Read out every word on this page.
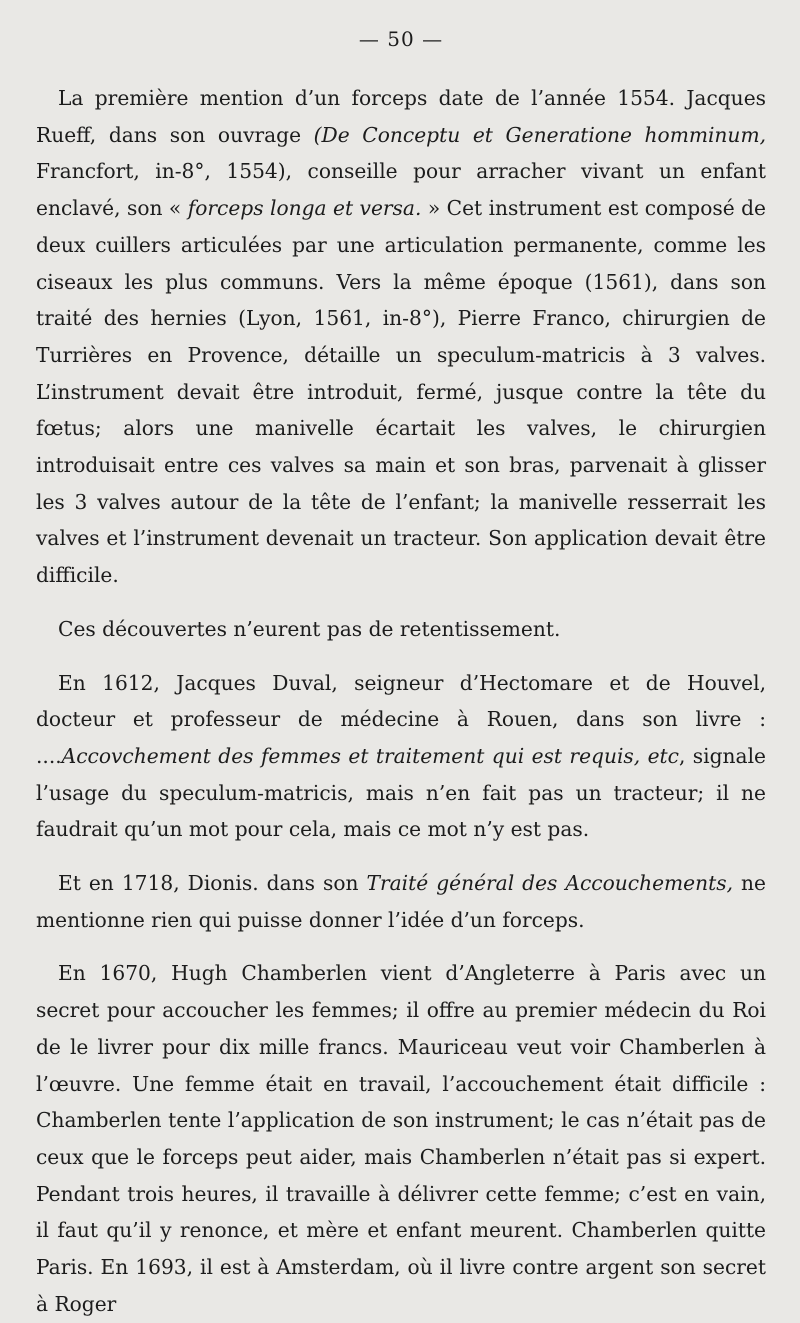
— 50 —

La première mention d’un forceps date de l’année 1554. Jacques Rueff, dans son ouvrage (De Conceptu et Generatione homminum, Francfort, in-8°, 1554), conseille pour arracher vivant un enfant enclavé, son « forceps longa et versa. » Cet instrument est composé de deux cuillers articulées par une articulation permanente, comme les ciseaux les plus communs. Vers la même époque (1561), dans son traité des hernies (Lyon, 1561, in-8°), Pierre Franco, chirurgien de Turrières en Provence, détaille un speculum-matricis à 3 valves. L’instrument devait être introduit, fermé, jusque contre la tête du fœtus; alors une manivelle écartait les valves, le chirurgien introduisait entre ces valves sa main et son bras, parvenait à glisser les 3 valves autour de la tête de l’enfant; la manivelle resserrait les valves et l’instrument devenait un tracteur. Son application devait être difficile.

Ces découvertes n’eurent pas de retentissement.

En 1612, Jacques Duval, seigneur d’Hectomare et de Houvel, docteur et professeur de médecine à Rouen, dans son livre : ....Accovchement des femmes et traitement qui est requis, etc, signale l’usage du speculum-matricis, mais n’en fait pas un tracteur; il ne faudrait qu’un mot pour cela, mais ce mot n’y est pas.

Et en 1718, Dionis. dans son Traité général des Accouchements, ne mentionne rien qui puisse donner l’idée d’un forceps.

En 1670, Hugh Chamberlen vient d’Angleterre à Paris avec un secret pour accoucher les femmes; il offre au premier médecin du Roi de le livrer pour dix mille francs. Mauriceau veut voir Chamberlen à l’œuvre. Une femme était en travail, l’accouchement était difficile : Chamberlen tente l’application de son instrument; le cas n’était pas de ceux que le forceps peut aider, mais Chamberlen n’était pas si expert. Pendant trois heures, il travaille à délivrer cette femme; c’est en vain, il faut qu’il y renonce, et mère et enfant meurent. Chamberlen quitte Paris. En 1693, il est à Amsterdam, où il livre contre argent son secret à Roger
